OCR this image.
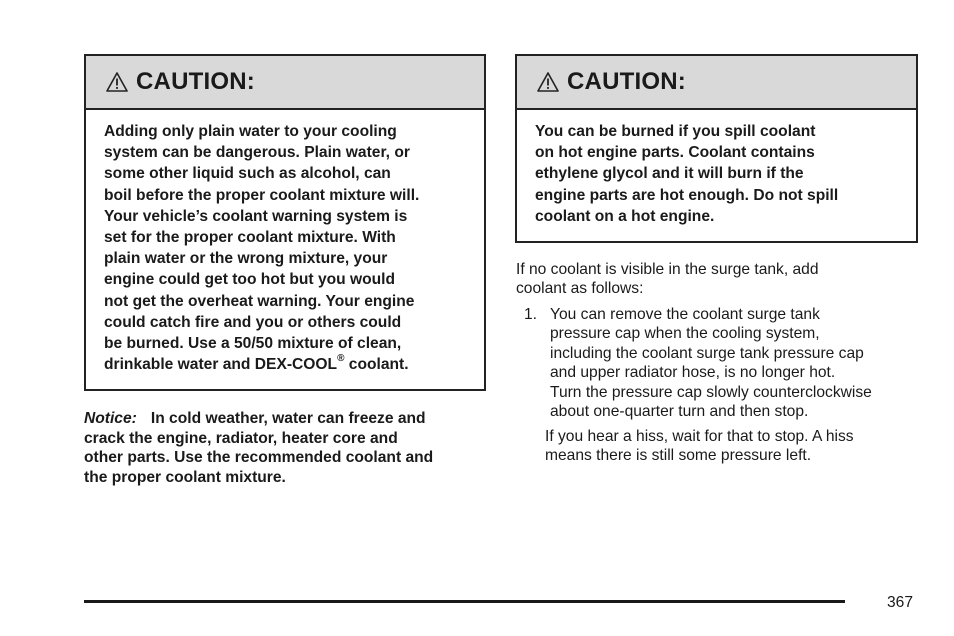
CAUTION:
Adding only plain water to your cooling
system can be dangerous. Plain water, or
some other liquid such as alcohol, can
boil before the proper coolant mixture will.
Your vehicle’s coolant warning system is
set for the proper coolant mixture. With
plain water or the wrong mixture, your
engine could get too hot but you would
not get the overheat warning. Your engine
could catch fire and you or others could
be burned. Use a 50/50 mixture of clean,
drinkable water and DEX-COOL® coolant.
Notice: In cold weather, water can freeze and
crack the engine, radiator, heater core and
other parts. Use the recommended coolant and
the proper coolant mixture.
CAUTION:
You can be burned if you spill coolant
on hot engine parts. Coolant contains
ethylene glycol and it will burn if the
engine parts are hot enough. Do not spill
coolant on a hot engine.
If no coolant is visible in the surge tank, add
coolant as follows:
1. You can remove the coolant surge tank
pressure cap when the cooling system,
including the coolant surge tank pressure cap
and upper radiator hose, is no longer hot.
Turn the pressure cap slowly counterclockwise
about one-quarter turn and then stop.
If you hear a hiss, wait for that to stop. A hiss
means there is still some pressure left.
367
